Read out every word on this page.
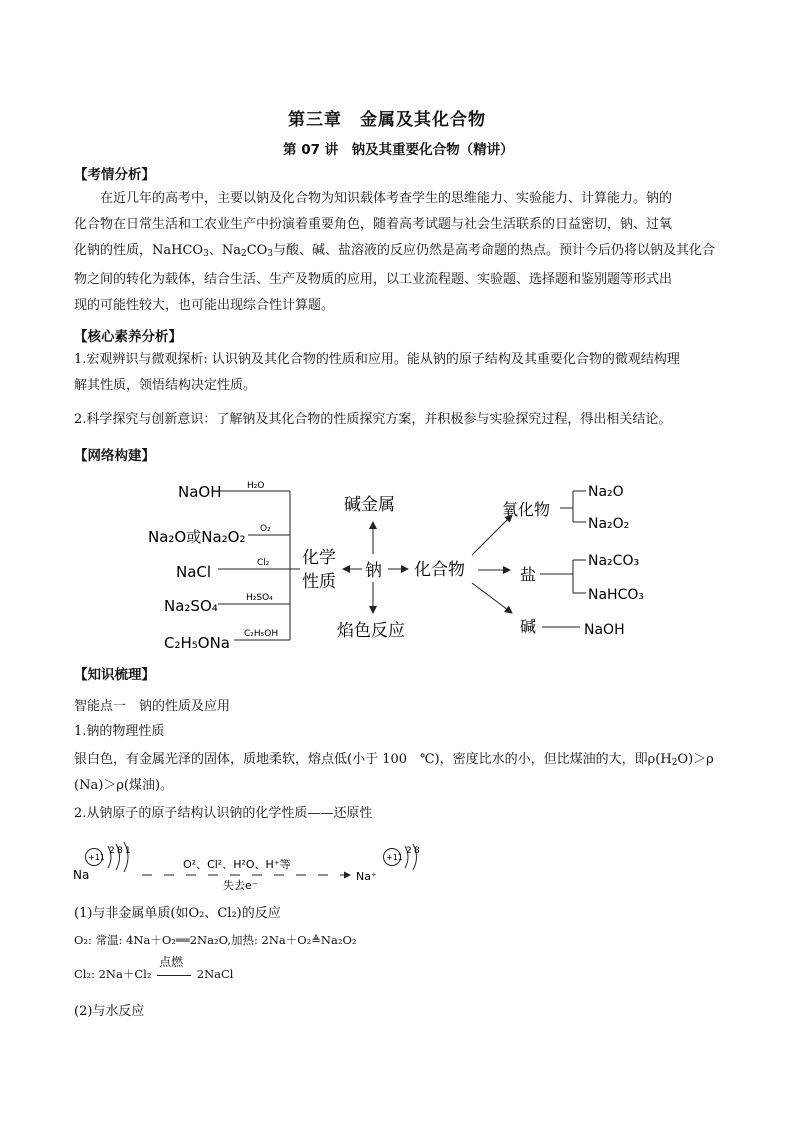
第三章　金属及其化合物
第 07 讲　钠及其重要化合物（精讲）
【考情分析】
在近几年的高考中，主要以钠及化合物为知识载体考查学生的思维能力、实验能力、计算能力。钠的
化合物在日常生活和工农业生产中扮演着重要角色，随着高考试题与社会生活联系的日益密切，钠、过氧
化钠的性质，NaHCO$_3$、$Na_2CO_3$与酸、碱、盐溶液的反应仍然是高考命题的热点。预计今后仍将以钠及其化合
物之间的转化为载体，结合生活、生产及物质的应用，以工业流程题、实验题、选择题和鉴别题等形式出
现的可能性较大，也可能出现综合性计算题。
【核心素养分析】
1.宏观辨识与微观探析: 认识钠及其化合物的性质和应用。能从钠的原子结构及其重要化合物的微观结构理
解其性质，领悟结构决定性质。
2.科学探究与创新意识：了解钠及其化合物的性质探究方案，并积极参与实验探究过程，得出相关结论。
【网络构建】
NaOH	H₂O
Na₂O或Na₂O₂ O₂
NaCl	Cl₂
Na₂SO₄	H₂SO₄
C₂H₅ONa C₂H₅OH
化学
性质
钠
碱金属
焰色反应
化合物
氧化物
Na₂O
Na₂O₂
盐
Na₂CO₃
NaHCO₃
碱	NaOH
【知识梳理】
智能点一　钠的性质及应用
1.钠的物理性质
银白色，有金属光泽的固体，质地柔软，熔点低(小于 100　℃)，密度比水的小，但比煤油的大，即$\rho(H_2O)>\rho$
(Na)＞ρ(煤油)。
2.从钠原子的原子结构认识钠的化学性质——还原性
Na
+11
2 8 1
O²、Cl²、H²O、H⁺等
失去e⁻
Na⁺
+11
2 8
(1)与非金属单质(如O₂、Cl₂)的反应
O₂: 常温: 4Na＋O₂══2Na₂O,加热: 2Na＋O₂≜Na₂O₂
Cl₂: 2Na＋Cl₂
点燃
2NaCl
(2)与水反应
